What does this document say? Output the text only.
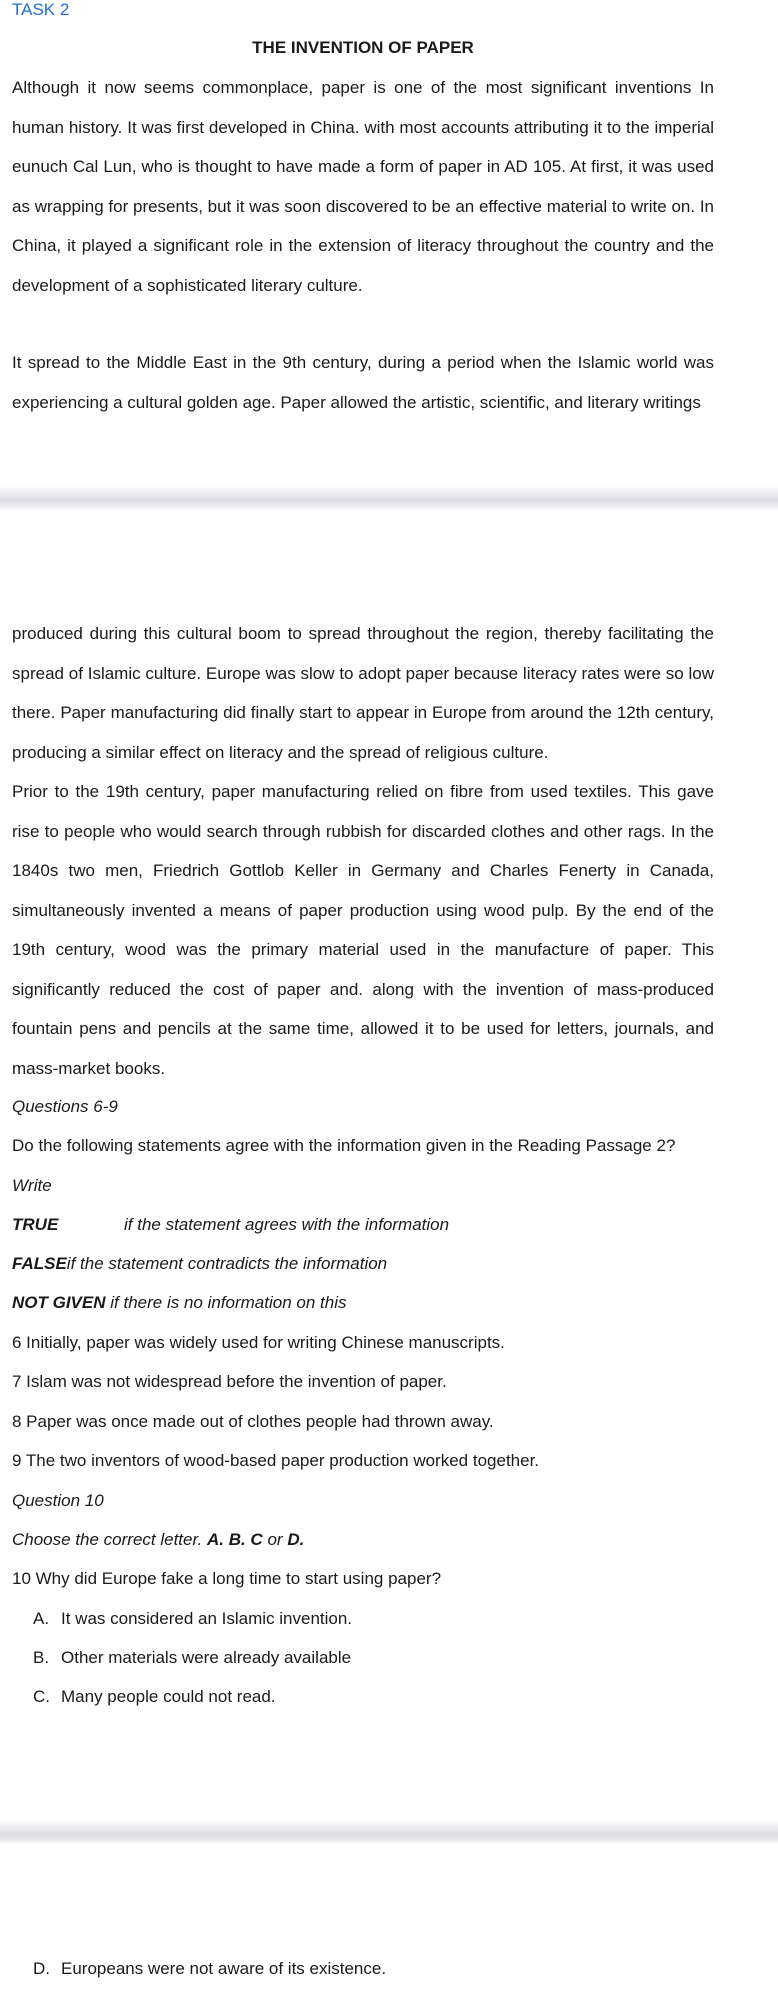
TASK 2
THE INVENTION OF PAPER
Although it now seems commonplace, paper is one of the most significant inventions In human history. It was first developed in China. with most accounts attributing it to the imperial eunuch Cal Lun, who is thought to have made a form of paper in AD 105. At first, it was used as wrapping for presents, but it was soon discovered to be an effective material to write on. In China, it played a significant role in the extension of literacy throughout the country and the development of a sophisticated literary culture.
It spread to the Middle East in the 9th century, during a period when the Islamic world was experiencing a cultural golden age. Paper allowed the artistic, scientific, and literary writings
produced during this cultural boom to spread throughout the region, thereby facilitating the spread of Islamic culture. Europe was slow to adopt paper because literacy rates were so low there. Paper manufacturing did finally start to appear in Europe from around the 12th century, producing a similar effect on literacy and the spread of religious culture.
Prior to the 19th century, paper manufacturing relied on fibre from used textiles. This gave rise to people who would search through rubbish for discarded clothes and other rags. In the 1840s two men, Friedrich Gottlob Keller in Germany and Charles Fenerty in Canada, simultaneously invented a means of paper production using wood pulp. By the end of the 19th century, wood was the primary material used in the manufacture of paper. This significantly reduced the cost of paper and. along with the invention of mass-produced fountain pens and pencils at the same time, allowed it to be used for letters, journals, and mass-market books.
Questions 6-9
Do the following statements agree with the information given in the Reading Passage 2?
Write
TRUE	if the statement agrees with the information
FALSEif the statement contradicts the information
NOT GIVEN if there is no information on this
6 Initially, paper was widely used for writing Chinese manuscripts.
7 Islam was not widespread before the invention of paper.
8 Paper was once made out of clothes people had thrown away.
9 The two inventors of wood-based paper production worked together.
Question 10
Choose the correct letter. A. B. C or D.
10 Why did Europe fake a long time to start using paper?
A. It was considered an Islamic invention.
B. Other materials were already available
C. Many people could not read.
D. Europeans were not aware of its existence.
